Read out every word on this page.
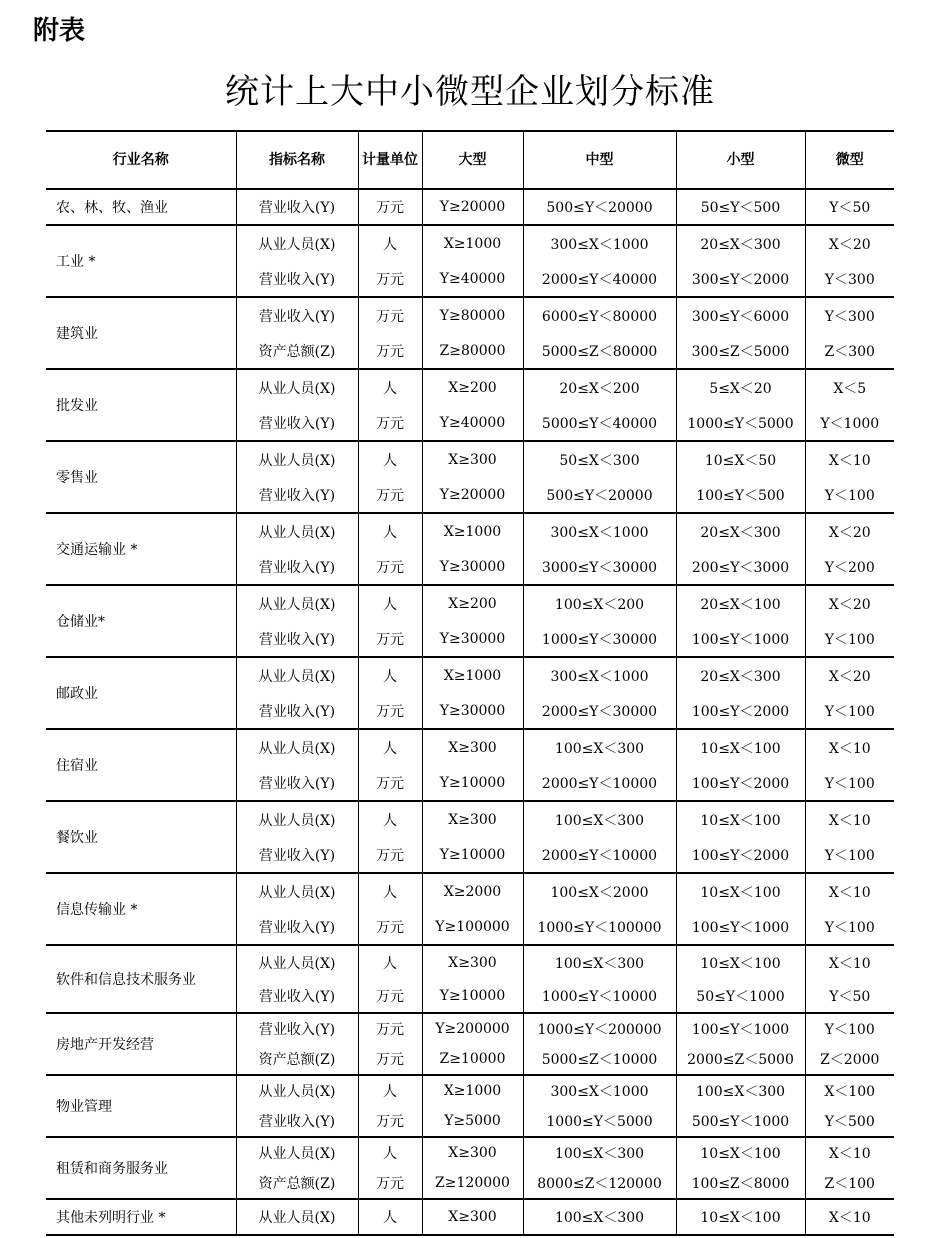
附表
统计上大中小微型企业划分标准
行业名称	指标名称	计量单位	大型	中型	小型	微型
农、林、牧、渔业	营业收入(Y)	万元	Y≥20000	500≤Y＜20000	50≤Y＜500	Y＜50
工业 *	从业人员(X)	人	X≥1000	300≤X＜1000	20≤X＜300	X＜20
	营业收入(Y)	万元	Y≥40000	2000≤Y＜40000	300≤Y＜2000	Y＜300
建筑业	营业收入(Y)	万元	Y≥80000	6000≤Y＜80000	300≤Y＜6000	Y＜300
	资产总额(Z)	万元	Z≥80000	5000≤Z＜80000	300≤Z＜5000	Z＜300
批发业	从业人员(X)	人	X≥200	20≤X＜200	5≤X＜20	X＜5
	营业收入(Y)	万元	Y≥40000	5000≤Y＜40000	1000≤Y＜5000	Y＜1000
零售业	从业人员(X)	人	X≥300	50≤X＜300	10≤X＜50	X＜10
	营业收入(Y)	万元	Y≥20000	500≤Y＜20000	100≤Y＜500	Y＜100
交通运输业 *	从业人员(X)	人	X≥1000	300≤X＜1000	20≤X＜300	X＜20
	营业收入(Y)	万元	Y≥30000	3000≤Y＜30000	200≤Y＜3000	Y＜200
仓储业*	从业人员(X)	人	X≥200	100≤X＜200	20≤X＜100	X＜20
	营业收入(Y)	万元	Y≥30000	1000≤Y＜30000	100≤Y＜1000	Y＜100
邮政业	从业人员(X)	人	X≥1000	300≤X＜1000	20≤X＜300	X＜20
	营业收入(Y)	万元	Y≥30000	2000≤Y＜30000	100≤Y＜2000	Y＜100
住宿业	从业人员(X)	人	X≥300	100≤X＜300	10≤X＜100	X＜10
	营业收入(Y)	万元	Y≥10000	2000≤Y＜10000	100≤Y＜2000	Y＜100
餐饮业	从业人员(X)	人	X≥300	100≤X＜300	10≤X＜100	X＜10
	营业收入(Y)	万元	Y≥10000	2000≤Y＜10000	100≤Y＜2000	Y＜100
信息传输业 *	从业人员(X)	人	X≥2000	100≤X＜2000	10≤X＜100	X＜10
	营业收入(Y)	万元	Y≥100000	1000≤Y＜100000	100≤Y＜1000	Y＜100
软件和信息技术服务业	从业人员(X)	人	X≥300	100≤X＜300	10≤X＜100	X＜10
	营业收入(Y)	万元	Y≥10000	1000≤Y＜10000	50≤Y＜1000	Y＜50
房地产开发经营	营业收入(Y)	万元	Y≥200000	1000≤Y＜200000	100≤Y＜1000	Y＜100
	资产总额(Z)	万元	Z≥10000	5000≤Z＜10000	2000≤Z＜5000	Z＜2000
物业管理	从业人员(X)	人	X≥1000	300≤X＜1000	100≤X＜300	X＜100
	营业收入(Y)	万元	Y≥5000	1000≤Y＜5000	500≤Y＜1000	Y＜500
租赁和商务服务业	从业人员(X)	人	X≥300	100≤X＜300	10≤X＜100	X＜10
	资产总额(Z)	万元	Z≥120000	8000≤Z＜120000	100≤Z＜8000	Z＜100
其他未列明行业 *	从业人员(X)	人	X≥300	100≤X＜300	10≤X＜100	X＜10
